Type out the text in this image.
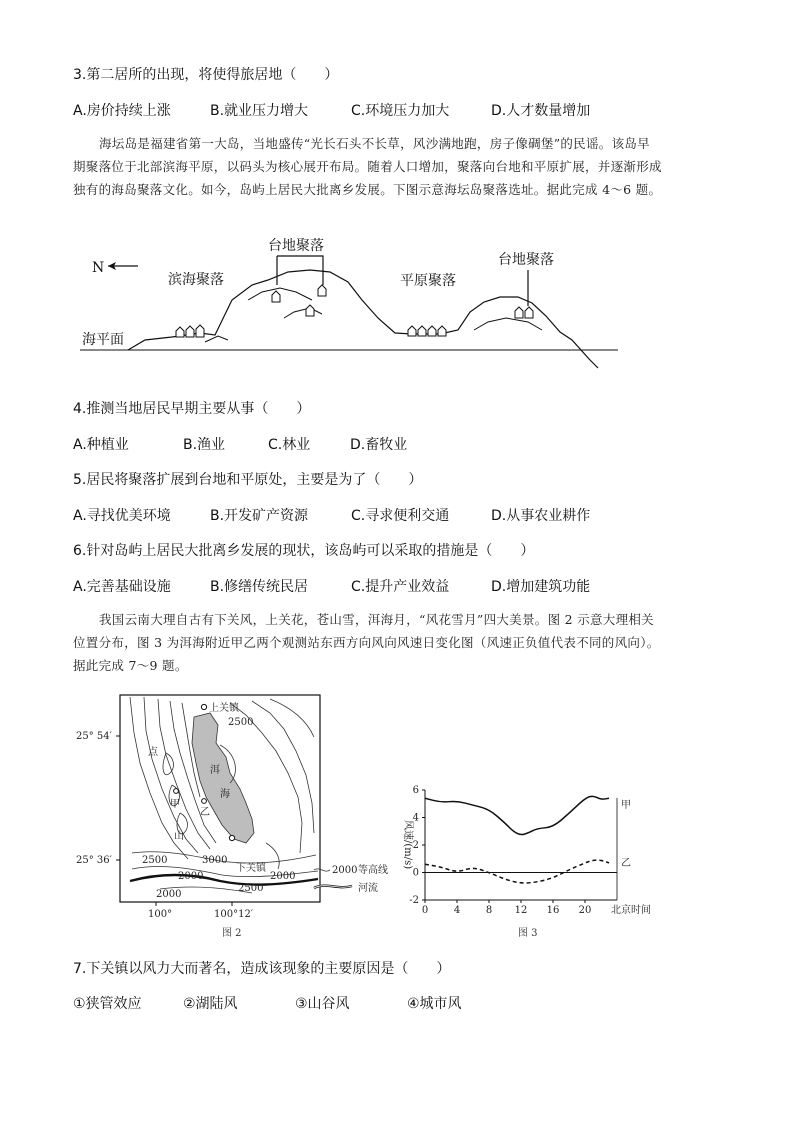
3.第二居所的出现，将使得旅居地（　　）
A.房价持续上涨	B.就业压力增大	C.环境压力加大	D.人才数量增加
海坛岛是福建省第一大岛，当地盛传“光长石头不长草，风沙满地跑，房子像碉堡”的民谣。该岛早
期聚落位于北部滨海平原，以码头为核心展开布局。随着人口增加，聚落向台地和平原扩展，并逐渐形成
独有的海岛聚落文化。如今，岛屿上居民大批离乡发展。下图示意海坛岛聚落选址。据此完成 4～6 题。
N
滨海聚落
台地聚落
平原聚落
台地聚落
海平面
4.推测当地居民早期主要从事（　　）
A.种植业	B.渔业	C.林业	D.畜牧业
5.居民将聚落扩展到台地和平原处，主要是为了（　　）
A.寻找优美环境	B.开发矿产资源	C.寻求便利交通	D.从事农业耕作
6.针对岛屿上居民大批离乡发展的现状，该岛屿可以采取的措施是（　　）
A.完善基础设施	B.修缮传统民居	C.提升产业效益	D.增加建筑功能
我国云南大理自古有下关风，上关花，苍山雪，洱海月，“风花雪月”四大美景。图 2 示意大理相关
位置分布，图 3 为洱海附近甲乙两个观测站东西方向风向风速日变化图（风速正负值代表不同的风向）。
据此完成 7～9 题。
上关镇
下关镇
洱
海
点
山
甲
乙
2500
2500
2500
3000
2000
2000
2000
25° 54′
25° 36′
100°	100°12′
2000 等高线
河流
图 2
-2
0
2
4
6
0	4	8 12 16 20
风速/(m/s)
北京时间
甲
乙
图 3
7.下关镇以风力大而著名，造成该现象的主要原因是（　　）
①狭管效应	②湖陆风	③山谷风	④城市风
